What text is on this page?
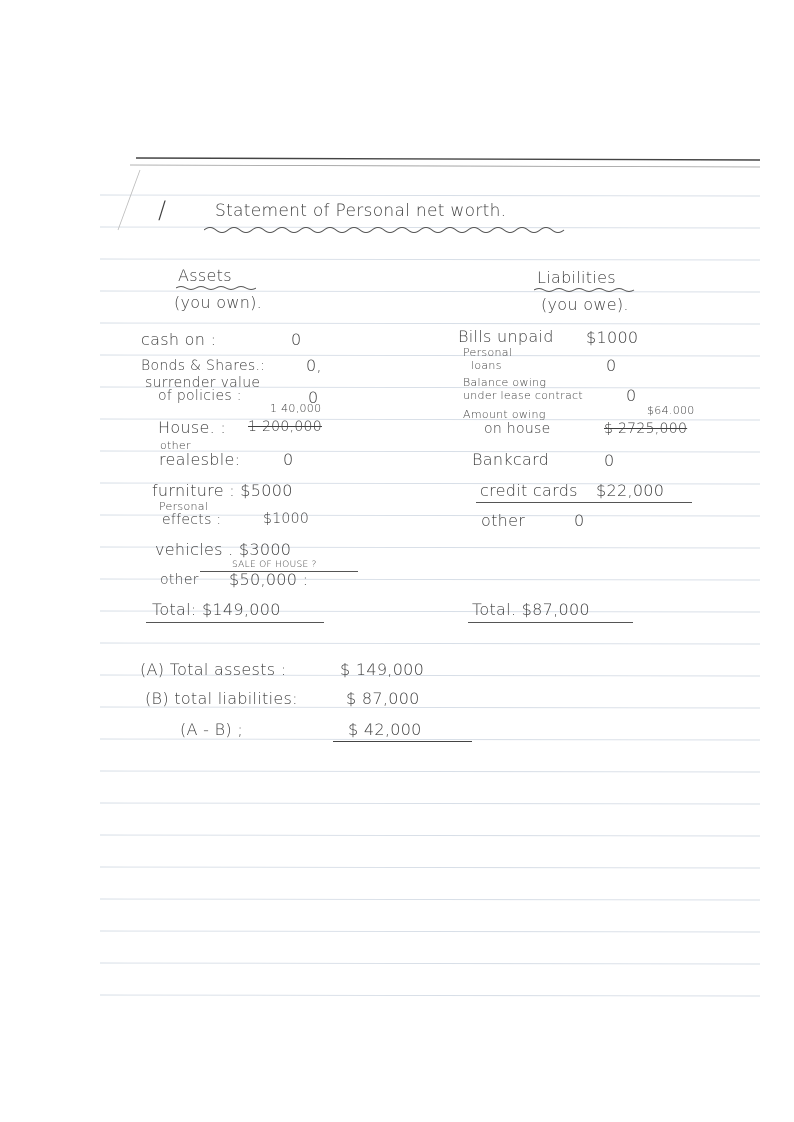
/	Statement of Personal net worth.
Assets
(you own).
cash on :	0
Bonds & Shares.:	0,
surrender value
of policies :	0
1 40,000
House. : 1 200,000
other
realesble:	0
furniture : $5000
Personal
effects :	$1000
vehicles . $3000
SALE OF HOUSE ?
other $50,000 :
Total: $149,000
Liabilities
(you owe).
Bills unpaid $1000
Personal
loans	0
Balance owing
under lease contract	0
Amount owing	$64.000
on house	$ 2725,000
Bankcard	0
credit cards $22,000
other	0
Total. $87,000
(A) Total assests :	$ 149,000
(B) total liabilities:	$ 87,000
(A - B) ;	$ 42,000
